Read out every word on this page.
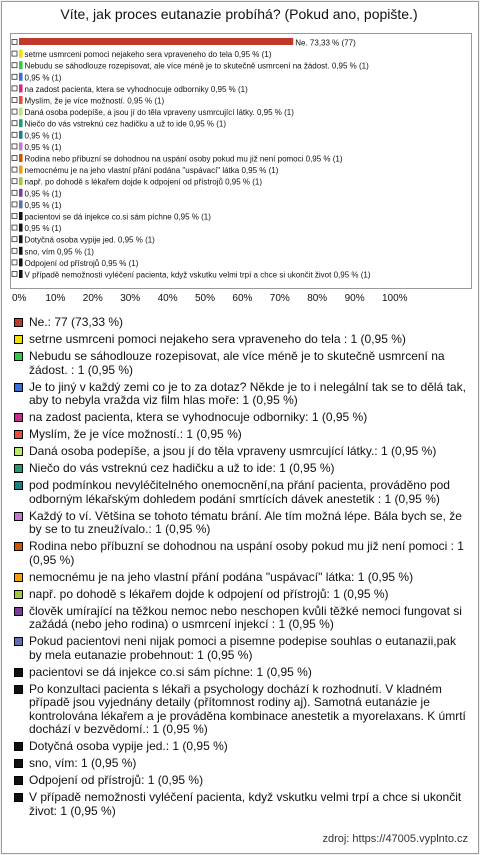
Víte, jak proces eutanazie probíhá? (Pokud ano, popište.)
Ne. 73,33 % (77)
setrne usmrceni pomoci nejakeho sera vpraveneho do tela 0,95 % (1)
Nebudu se sáhodlouze rozepisovat, ale více méně je to skutečně usmrcení na žádost. 0,95 % (1)
0,95 % (1)
na zadost pacienta, ktera se vyhodnocuje odborniky 0,95 % (1)
Myslím, že je více možností. 0,95 % (1)
Daná osoba podepíše, a jsou jí do těla vpraveny usmrcující látky. 0,95 % (1)
Niečo do vás vstreknú cez hadičku a už to ide 0,95 % (1)
0,95 % (1)
0,95 % (1)
Rodina nebo příbuzní se dohodnou na uspání osoby pokud mu již není pomoci 0,95 % (1)
nemocnému je na jeho vlastní přání podána "uspávací" látka 0,95 % (1)
např. po dohodě s lékařem dojde k odpojení od přístrojů 0,95 % (1)
0,95 % (1)
0,95 % (1)
pacientovi se dá injekce co.si sám píchne 0,95 % (1)
0,95 % (1)
Dotyčná osoba vypije jed. 0,95 % (1)
sno, vím 0,95 % (1)
Odpojení od přístrojů 0,95 % (1)
V případě nemožnosti vyléčení pacienta, když vskutku velmi trpí a chce si ukončit život 0,95 % (1)
0% 10% 20% 30% 40% 50% 60% 70% 80% 90% 100%
Ne.: 77 (73,33 %)
setrne usmrceni pomoci nejakeho sera vpraveneho do tela : 1 (0,95 %)
Nebudu se sáhodlouze rozepisovat, ale více méně je to skutečně usmrcení na žádost. : 1 (0,95 %)
Je to jiný v každý zemi co je to za dotaz? Někde je to i nelegální tak se to dělá tak, aby to nebyla vražda viz film hlas moře: 1 (0,95 %)
na zadost pacienta, ktera se vyhodnocuje odborniky: 1 (0,95 %)
Myslím, že je více možností.: 1 (0,95 %)
Daná osoba podepíše, a jsou jí do těla vpraveny usmrcující látky.: 1 (0,95 %)
Niečo do vás vstreknú cez hadičku a už to ide: 1 (0,95 %)
pod podmínkou nevyléčitelného onemocnění,na přání pacienta, prováděno pod odborným lékařským dohledem podání smrtících dávek anestetik : 1 (0,95 %)
Každý to ví. Většina se tohoto tématu brání. Ale tím možná lépe. Bála bych se, že by se to tu zneužívalo.: 1 (0,95 %)
Rodina nebo příbuzní se dohodnou na uspání osoby pokud mu již není pomoci : 1 (0,95 %)
nemocnému je na jeho vlastní přání podána "uspávací" látka: 1 (0,95 %)
např. po dohodě s lékařem dojde k odpojení od přístrojů: 1 (0,95 %)
člověk umírající na těžkou nemoc nebo neschopen kvůli těžké nemoci fungovat si zažádá (nebo jeho rodina) o usmrcení injekcí : 1 (0,95 %)
Pokud pacientovi neni nijak pomoci a pisemne podepise souhlas o eutanazii,pak by mela eutanazie probehnout: 1 (0,95 %)
pacientovi se dá injekce co.si sám píchne: 1 (0,95 %)
Po konzultaci pacienta s lékaři a psychology dochází k rozhodnutí. V kladném případě jsou vyjednány detaily (přítomnost rodiny aj). Samotná eutanázie je kontrolována lékařem a je prováděna kombinace anestetik a myorelaxans. K úmrtí dochází v bezvědomí.: 1 (0,95 %)
Dotyčná osoba vypije jed.: 1 (0,95 %)
sno, vím: 1 (0,95 %)
Odpojení od přístrojů: 1 (0,95 %)
V případě nemožnosti vyléčení pacienta, když vskutku velmi trpí a chce si ukončit život: 1 (0,95 %)
zdroj: https://47005.vyplnto.cz
